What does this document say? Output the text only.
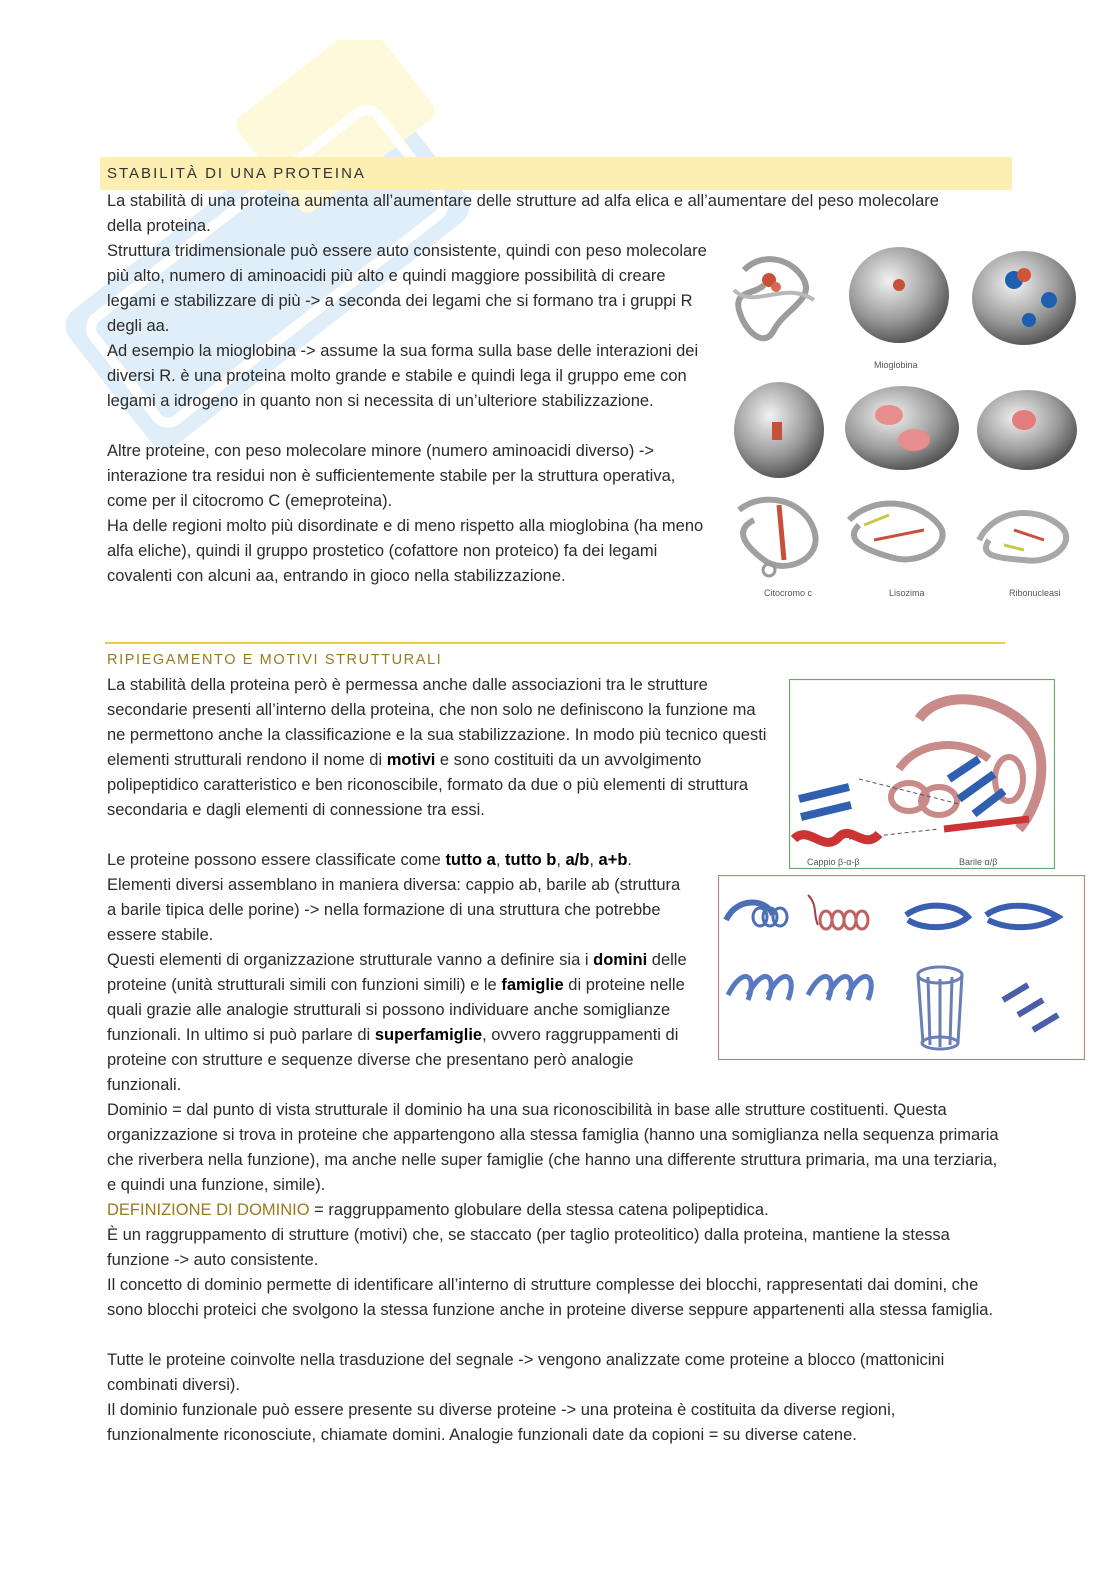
STABILITÀ DI UNA PROTEINA

La stabilità di una proteina aumenta all’aumentare delle strutture ad alfa elica e all’aumentare del peso molecolare della proteina.

Struttura tridimensionale può essere auto consistente, quindi con peso molecolare più alto, numero di aminoacidi più alto e quindi maggiore possibilità di creare legami e stabilizzare di più -> a seconda dei legami che si formano tra i gruppi R degli aa.

Ad esempio la mioglobina -> assume la sua forma sulla base delle interazioni dei diversi R. è una proteina molto grande e stabile e quindi lega il gruppo eme con legami a idrogeno in quanto non si necessita di un’ulteriore stabilizzazione.

Altre proteine, con peso molecolare minore (numero aminoacidi diverso) -> interazione tra residui non è sufficientemente stabile per la struttura operativa, come per il citocromo C (emeproteina).

Ha delle regioni molto più disordinate e di meno rispetto alla mioglobina (ha meno alfa eliche), quindi il gruppo prostetico (cofattore non proteico) fa dei legami covalenti con alcuni aa, entrando in gioco nella stabilizzazione.

Mioglobina
Citocromo c	Lisozima	Ribonucleasi
RIPIEGAMENTO E MOTIVI STRUTTURALI

La stabilità della proteina però è permessa anche dalle associazioni tra le strutture secondarie presenti all’interno della proteina, che non solo ne definiscono la funzione ma ne permettono anche la classificazione e la sua stabilizzazione. In modo più tecnico questi elementi strutturali rendono il nome di motivi e sono costituiti da un avvolgimento polipeptidico caratteristico e ben riconoscibile, formato da due o più elementi di struttura secondaria e dagli elementi di connessione tra essi.

Le proteine possono essere classificate come tutto a, tutto b, a/b, a+b.

Elementi diversi assemblano in maniera diversa: cappio ab, barile ab (struttura a barile tipica delle porine) -> nella formazione di una struttura che potrebbe essere stabile.

Questi elementi di organizzazione strutturale vanno a definire sia i domini delle proteine (unità strutturali simili con funzioni simili) e le famiglie di proteine nelle quali grazie alle analogie strutturali si possono individuare anche somiglianze funzionali. In ultimo si può parlare di superfamiglie, ovvero raggruppamenti di proteine con strutture e sequenze diverse che presentano però analogie funzionali.

Dominio = dal punto di vista strutturale il dominio ha una sua riconoscibilità in base alle strutture costituenti. Questa organizzazione si trova in proteine che appartengono alla stessa famiglia (hanno una somiglianza nella sequenza primaria che riverbera nella funzione), ma anche nelle super famiglie (che hanno una differente struttura primaria, ma una terziaria, e quindi una funzione, simile).

DEFINIZIONE DI DOMINIO = raggruppamento globulare della stessa catena polipeptidica.

È un raggruppamento di strutture (motivi) che, se staccato (per taglio proteolitico) dalla proteina, mantiene la stessa funzione -> auto consistente.

Il concetto di dominio permette di identificare all’interno di strutture complesse dei blocchi, rappresentati dai domini, che sono blocchi proteici che svolgono la stessa funzione anche in proteine diverse seppure appartenenti alla stessa famiglia.

Tutte le proteine coinvolte nella trasduzione del segnale -> vengono analizzate come proteine a blocco (mattonicini combinati diversi).

Il dominio funzionale può essere presente su diverse proteine -> una proteina è costituita da diverse regioni, funzionalmente riconosciute, chiamate domini. Analogie funzionali date da copioni = su diverse catene.

Cappio β-α-β	Barile α/β
